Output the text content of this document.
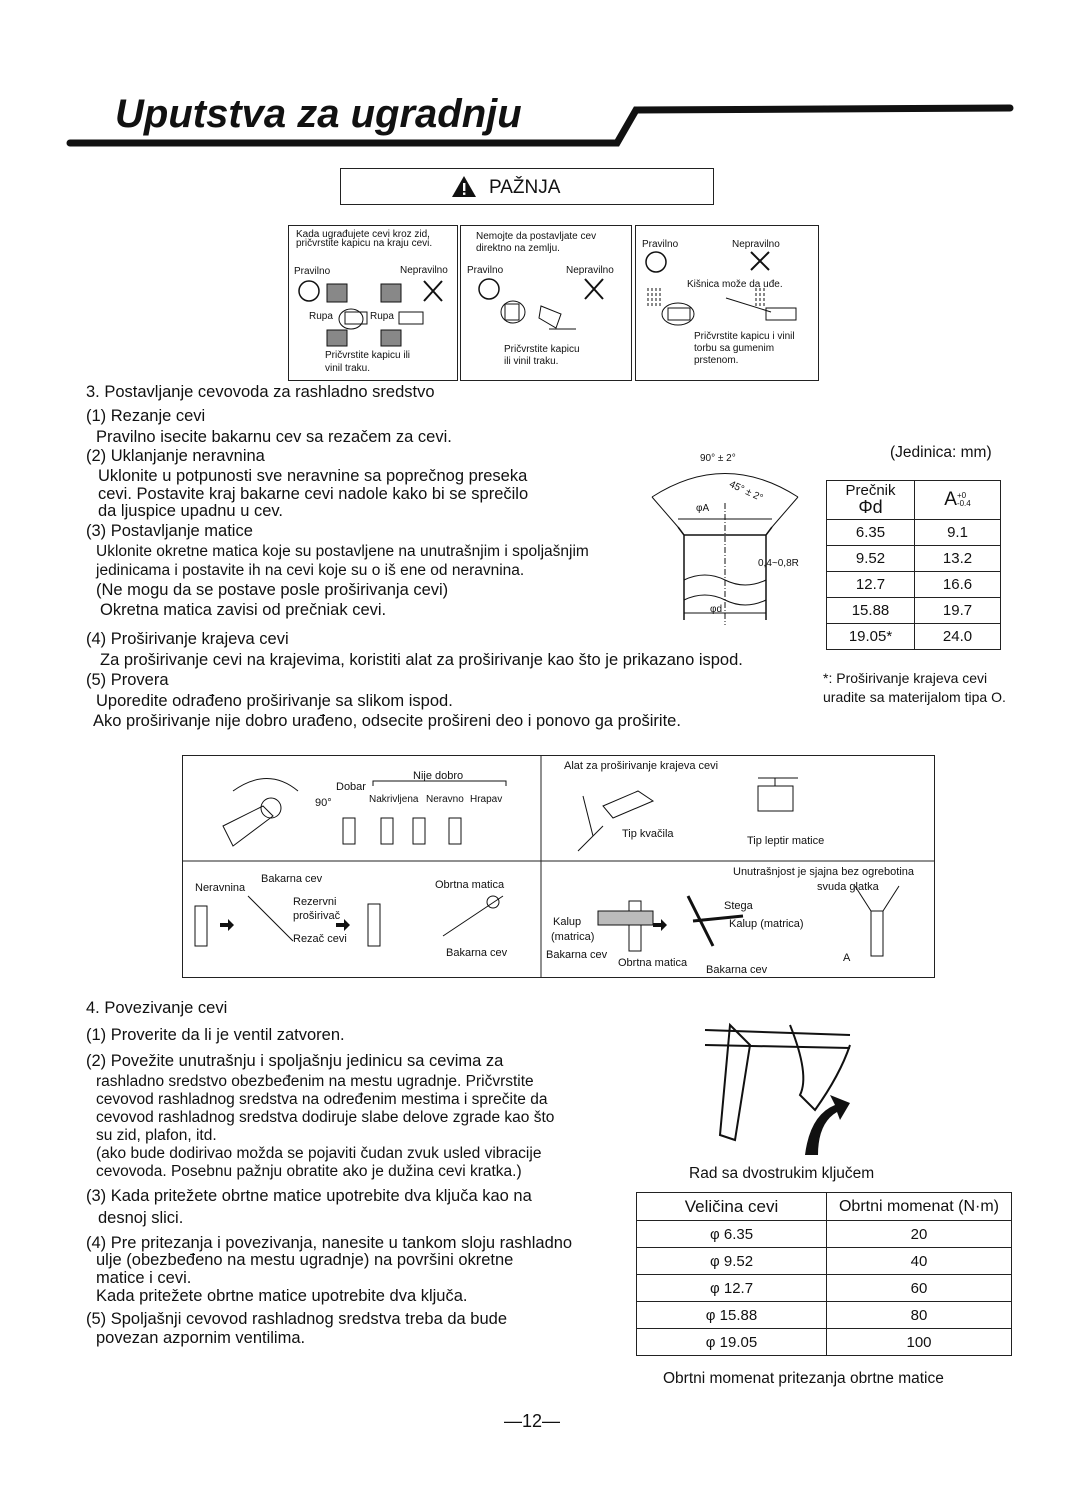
Uputstva za ugradnju
PAŽNJA
Kada ugrađujete cevi kroz zid,
pričvrstite kapicu na kraju cevi.
Pravilno	Nepravilno
Rupa	Rupa
Pričvrstite kapicu ili
vinil traku.
Nemojte da postavljate cev
direktno na zemlju.
Pravilno	Nepravilno
Pričvrstite kapicu
ili vinil traku.
Pravilno	Nepravilno
Kišnica može da uđe.
Pričvrstite kapicu i vinil
torbu sa gumenim
prstenom.
3. Postavljanje cevovoda za rashladno sredstvo
(1) Rezanje cevi
Pravilno isecite bakarnu cev sa rezačem za cevi.
(2) Uklanjanje neravnina
Uklonite u potpunosti sve neravnine sa poprečnog preseka
cevi. Postavite kraj bakarne cevi nadole kako bi se sprečilo
da ljuspice upadnu u cev.
(3) Postavljanje matice
Uklonite okretne matica koje su postavljene na unutrašnjim i spoljašnjim
jedinicama i postavite ih na cevi koje su o iš ene od neravnina.
(Ne mogu da se postave posle proširivanja cevi)
Okretna matica zavisi od prečniak cevi.
(4) Proširivanje krajeva cevi
Za proširivanje cevi na krajevima, koristiti alat za proširivanje kao što je prikazano ispod.
(5) Provera
Uporedite odrađeno proširivanje sa slikom ispod.
Ako proširivanje nije dobro urađeno, odsecite prošireni deo i ponovo ga proširite.
90° ± 2°
45° ± 2°
φA
φd
0,4~0,8R
(Jedinica: mm)
Prečnik
Φd	A+0
-0.4
6.35	9.1
9.52	13.2
12.7	16.6
15.88	19.7
19.05*	24.0
*: Proširivanje krajeva cevi
uradite sa materijalom tipa O.
Nije dobro
Dobar
90°	Nakrivljena Neravno Hrapav
Alat za proširivanje krajeva cevi
Tip kvačila
Tip leptir matice
Neravnina
Bakarna cev
Rezervni
proširivač
Rezač cevi
Obrtna matica
Bakarna cev
Unutrašnjost je sjajna bez ogrebotina
svuda glatka
Stega
Kalup
(matrica)
Kalup (matrica)
Bakarna cev
Obrtna matica
Bakarna cev
A
4. Povezivanje cevi
(1) Proverite da li je ventil zatvoren.
(2) Povežite unutrašnju i spoljašnju jedinicu sa cevima za
rashladno sredstvo obezbeđenim na mestu ugradnje. Pričvrstite
cevovod rashladnog sredstva na određenim mestima i sprečite da
cevovod rashladnog sredstva dodiruje slabe delove zgrade kao što
su zid, plafon, itd.
(ako bude dodirivao možda se pojaviti čudan zvuk usled vibracije
cevovoda. Posebnu pažnju obratite ako je dužina cevi kratka.)
(3) Kada pritežete obrtne matice upotrebite dva ključa kao na
desnoj slici.
(4) Pre pritezanja i povezivanja, nanesite u tankom sloju rashladno
ulje (obezbeđeno na mestu ugradnje) na površini okretne
matice i cevi.
Kada pritežete obrtne matice upotrebite dva ključa.
(5) Spoljašnji cevovod rashladnog sredstva treba da bude
povezan azpornim ventilima.
Rad sa dvostrukim ključem
Veličina cevi	Obrtni momenat (N·m)
φ 6.35	20
φ 9.52	40
φ 12.7	60
φ 15.88	80
φ 19.05	100
Obrtni momenat pritezanja obrtne matice
—12—
